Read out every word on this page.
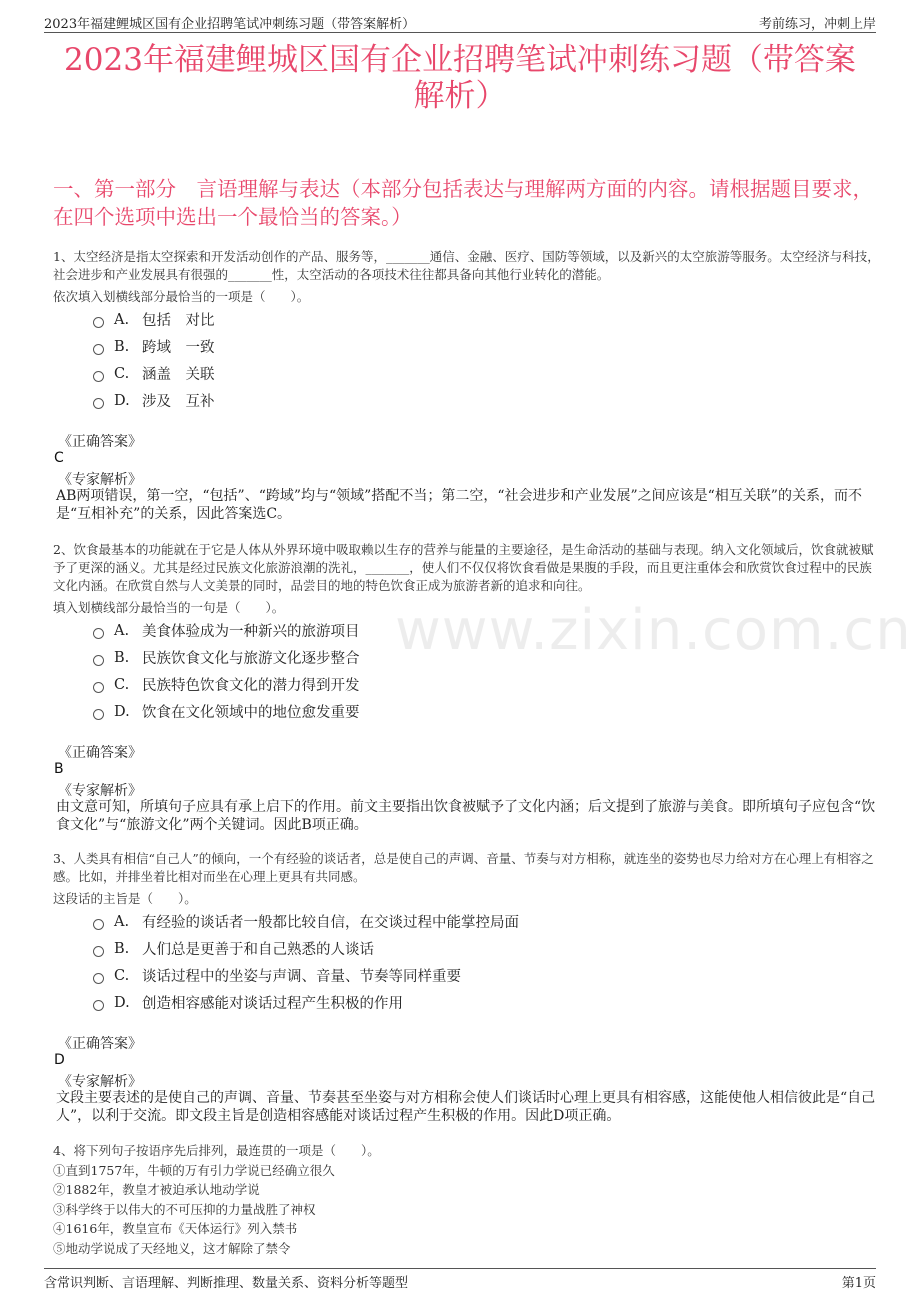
2023年福建鲤城区国有企业招聘笔试冲刺练习题（带答案解析）	考前练习，冲刺上岸
2023年福建鲤城区国有企业招聘笔试冲刺练习题（带答案解析）
一、第一部分　言语理解与表达（本部分包括表达与理解两方面的内容。请根据题目要求，在四个选项中选出一个最恰当的答案。）
www.zixin.com.cn
1、太空经济是指太空探索和开发活动创作的产品、服务等，_______通信、金融、医疗、国防等领域，以及新兴的太空旅游等服务。太空经济与科技，社会进步和产业发展具有很强的_______性，太空活动的各项技术往往都具备向其他行业转化的潜能。
依次填入划横线部分最恰当的一项是（　　）。
A. 包括　对比
B. 跨域　一致
C. 涵盖　关联
D. 涉及　互补
《正确答案》
C
《专家解析》
AB两项错误，第一空，“包括”、“跨域”均与“领域”搭配不当；第二空，“社会进步和产业发展”之间应该是“相互关联”的关系，而不是“互相补充”的关系，因此答案选C。
2、饮食最基本的功能就在于它是人体从外界环境中吸取赖以生存的营养与能量的主要途径，是生命活动的基础与表现。纳入文化领域后，饮食就被赋予了更深的涵义。尤其是经过民族文化旅游浪潮的洗礼，_______，使人们不仅仅将饮食看做是果腹的手段，而且更注重体会和欣赏饮食过程中的民族文化内涵。在欣赏自然与人文美景的同时，品尝目的地的特色饮食正成为旅游者新的追求和向往。
填入划横线部分最恰当的一句是（　　）。
A. 美食体验成为一种新兴的旅游项目
B. 民族饮食文化与旅游文化逐步整合
C. 民族特色饮食文化的潜力得到开发
D. 饮食在文化领域中的地位愈发重要
《正确答案》
B
《专家解析》
由文意可知，所填句子应具有承上启下的作用。前文主要指出饮食被赋予了文化内涵；后文提到了旅游与美食。即所填句子应包含“饮食文化”与“旅游文化”两个关键词。因此B项正确。
3、人类具有相信“自己人”的倾向，一个有经验的谈话者，总是使自己的声调、音量、节奏与对方相称，就连坐的姿势也尽力给对方在心理上有相容之感。比如，并排坐着比相对而坐在心理上更具有共同感。
这段话的主旨是（　　）。
A. 有经验的谈话者一般都比较自信，在交谈过程中能掌控局面
B. 人们总是更善于和自己熟悉的人谈话
C. 谈话过程中的坐姿与声调、音量、节奏等同样重要
D. 创造相容感能对谈话过程产生积极的作用
《正确答案》
D
《专家解析》
文段主要表述的是使自己的声调、音量、节奏甚至坐姿与对方相称会使人们谈话时心理上更具有相容感，这能使他人相信彼此是“自己人”，以利于交流。即文段主旨是创造相容感能对谈话过程产生积极的作用。因此D项正确。
4、将下列句子按语序先后排列，最连贯的一项是（　　）。
①直到1757年，牛顿的万有引力学说已经确立很久
②1882年，教皇才被迫承认地动学说
③科学终于以伟大的不可压抑的力量战胜了神权
④1616年，教皇宣布《天体运行》列入禁书
⑤地动学说成了天经地义，这才解除了禁令
含常识判断、言语理解、判断推理、数量关系、资料分析等题型	第1页
